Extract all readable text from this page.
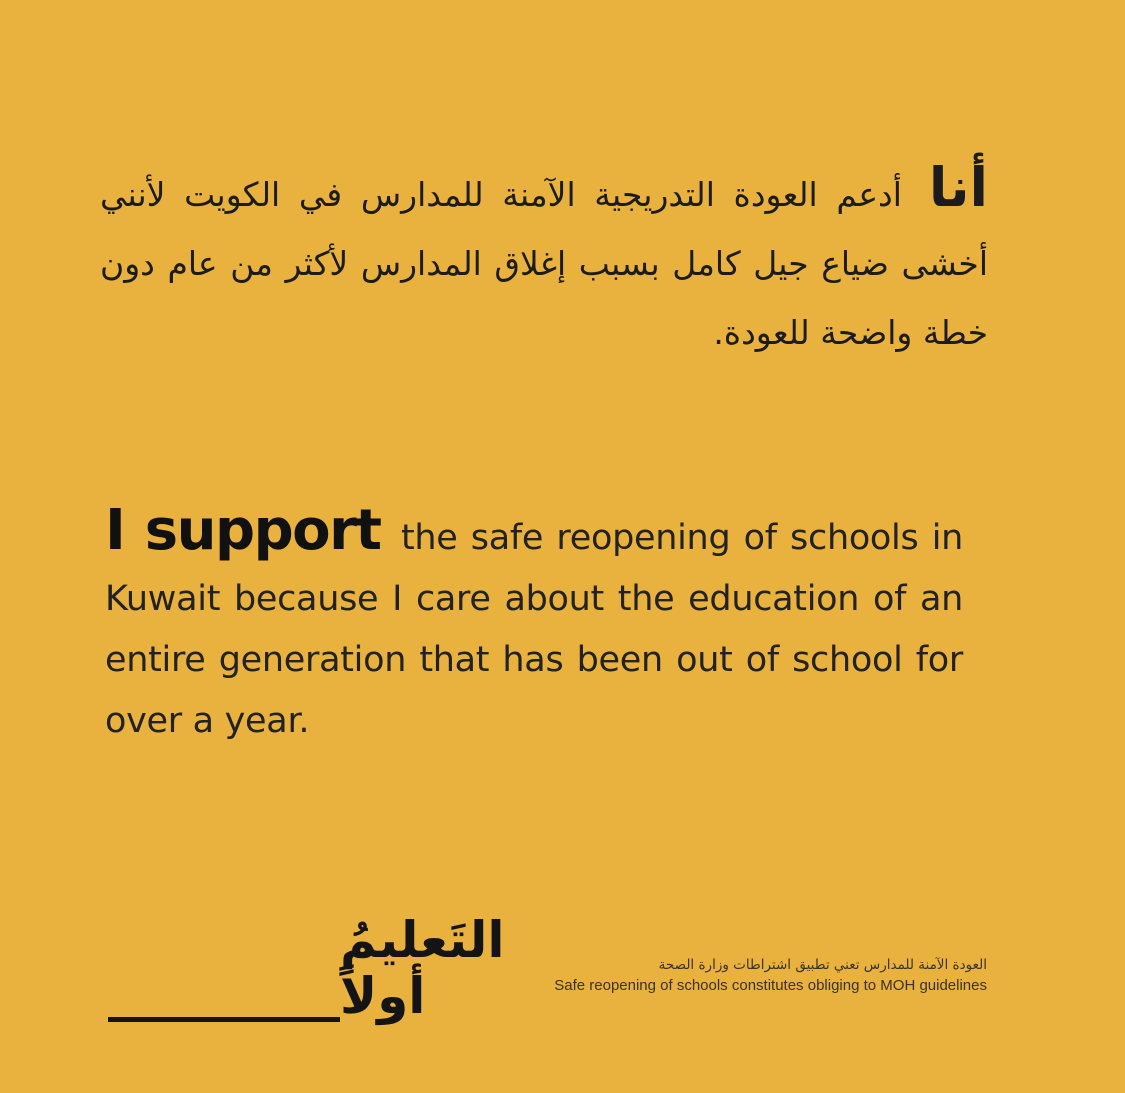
أنا أدعم العودة التدريجية الآمنة للمدارس في الكويت لأنني أخشى ضياع جيل كامل بسبب إغلاق المدارس لأكثر من عام دون خطة واضحة للعودة.
I support the safe reopening of schools in Kuwait because I care about the education of an entire generation that has been out of school for over a year.
التَعليمُ
أولاً
العودة الآمنة للمدارس تعني تطبيق اشتراطات وزارة الصحة
Safe reopening of schools constitutes obliging to MOH guidelines
